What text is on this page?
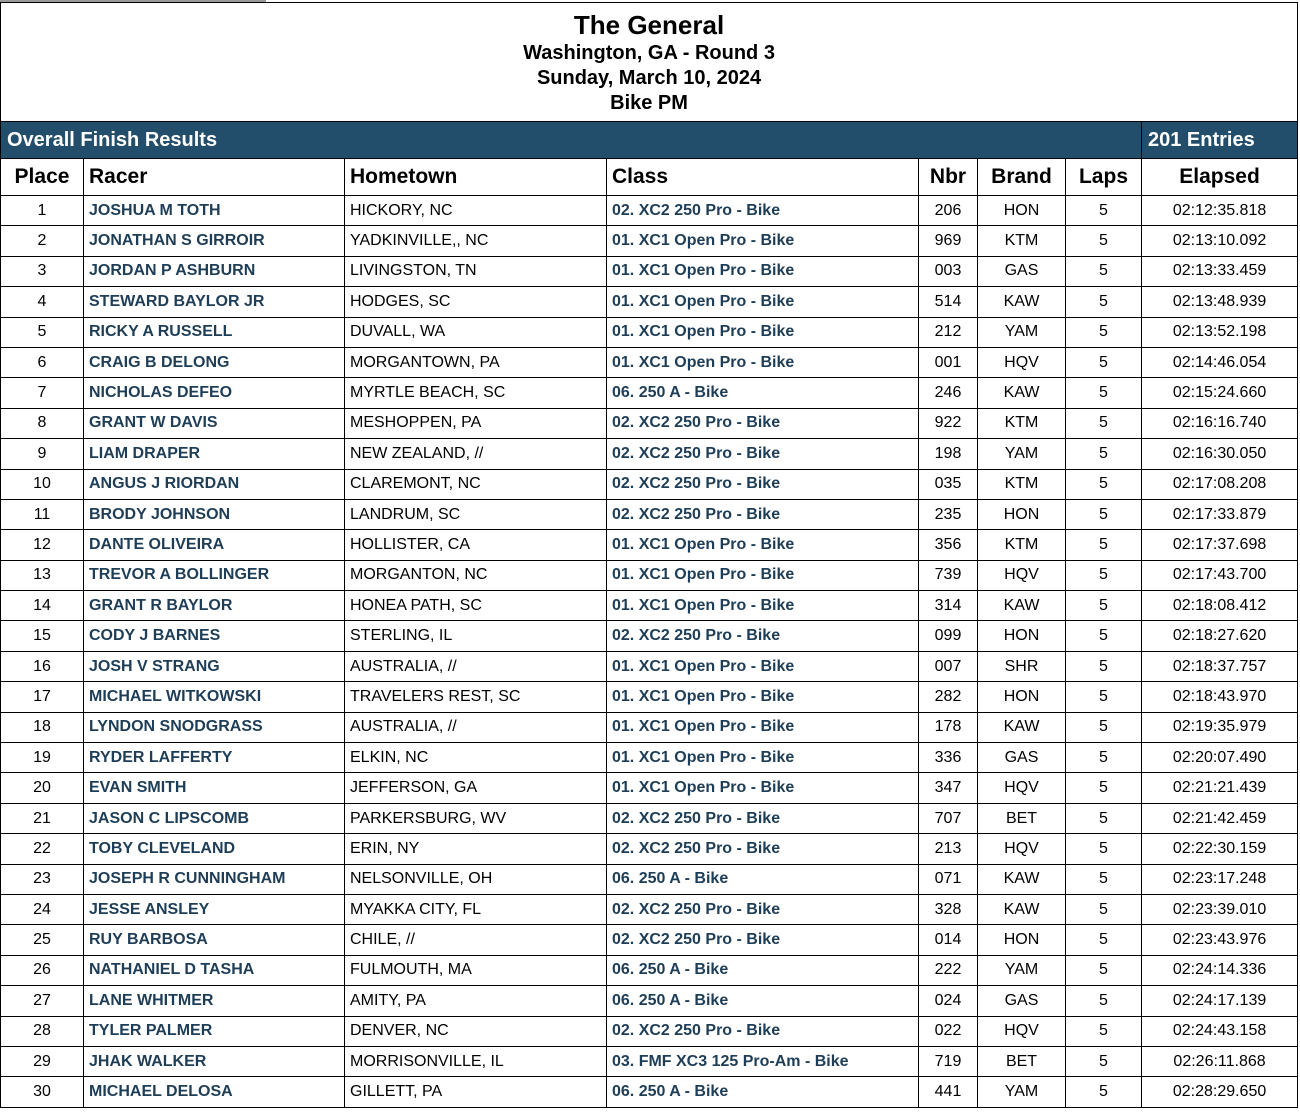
The General
Washington, GA - Round 3
Sunday, March 10, 2024
Bike PM							

Overall Finish Results							201 Entries
Place	Racer	Hometown	Class	Nbr	Brand	Laps	Elapsed
1	JOSHUA M TOTH	HICKORY, NC	02. XC2 250 Pro - Bike	206	HON	5	02:12:35.818
2	JONATHAN S GIRROIR	YADKINVILLE,, NC	01. XC1 Open Pro - Bike	969	KTM	5	02:13:10.092
3	JORDAN P ASHBURN	LIVINGSTON, TN	01. XC1 Open Pro - Bike	003	GAS	5	02:13:33.459
4	STEWARD BAYLOR JR	HODGES, SC	01. XC1 Open Pro - Bike	514	KAW	5	02:13:48.939
5	RICKY A RUSSELL	DUVALL, WA	01. XC1 Open Pro - Bike	212	YAM	5	02:13:52.198
6	CRAIG B DELONG	MORGANTOWN, PA	01. XC1 Open Pro - Bike	001	HQV	5	02:14:46.054
7	NICHOLAS DEFEO	MYRTLE BEACH, SC	06. 250 A - Bike	246	KAW	5	02:15:24.660
8	GRANT W DAVIS	MESHOPPEN, PA	02. XC2 250 Pro - Bike	922	KTM	5	02:16:16.740
9	LIAM DRAPER	NEW ZEALAND, //	02. XC2 250 Pro - Bike	198	YAM	5	02:16:30.050
10	ANGUS J RIORDAN	CLAREMONT, NC	02. XC2 250 Pro - Bike	035	KTM	5	02:17:08.208
11	BRODY JOHNSON	LANDRUM, SC	02. XC2 250 Pro - Bike	235	HON	5	02:17:33.879
12	DANTE OLIVEIRA	HOLLISTER, CA	01. XC1 Open Pro - Bike	356	KTM	5	02:17:37.698
13	TREVOR A BOLLINGER	MORGANTON, NC	01. XC1 Open Pro - Bike	739	HQV	5	02:17:43.700
14	GRANT R BAYLOR	HONEA PATH, SC	01. XC1 Open Pro - Bike	314	KAW	5	02:18:08.412
15	CODY J BARNES	STERLING, IL	02. XC2 250 Pro - Bike	099	HON	5	02:18:27.620
16	JOSH V STRANG	AUSTRALIA, //	01. XC1 Open Pro - Bike	007	SHR	5	02:18:37.757
17	MICHAEL WITKOWSKI	TRAVELERS REST, SC	01. XC1 Open Pro - Bike	282	HON	5	02:18:43.970
18	LYNDON SNODGRASS	AUSTRALIA, //	01. XC1 Open Pro - Bike	178	KAW	5	02:19:35.979
19	RYDER LAFFERTY	ELKIN, NC	01. XC1 Open Pro - Bike	336	GAS	5	02:20:07.490
20	EVAN SMITH	JEFFERSON, GA	01. XC1 Open Pro - Bike	347	HQV	5	02:21:21.439
21	JASON C LIPSCOMB	PARKERSBURG, WV	02. XC2 250 Pro - Bike	707	BET	5	02:21:42.459
22	TOBY CLEVELAND	ERIN, NY	02. XC2 250 Pro - Bike	213	HQV	5	02:22:30.159
23	JOSEPH R CUNNINGHAM	NELSONVILLE, OH	06. 250 A - Bike	071	KAW	5	02:23:17.248
24	JESSE ANSLEY	MYAKKA CITY, FL	02. XC2 250 Pro - Bike	328	KAW	5	02:23:39.010
25	RUY BARBOSA	CHILE, //	02. XC2 250 Pro - Bike	014	HON	5	02:23:43.976
26	NATHANIEL D TASHA	FULMOUTH, MA	06. 250 A - Bike	222	YAM	5	02:24:14.336
27	LANE WHITMER	AMITY, PA	06. 250 A - Bike	024	GAS	5	02:24:17.139
28	TYLER PALMER	DENVER, NC	02. XC2 250 Pro - Bike	022	HQV	5	02:24:43.158
29	JHAK WALKER	MORRISONVILLE, IL	03. FMF XC3 125 Pro-Am - Bike	719	BET	5	02:26:11.868
30	MICHAEL DELOSA	GILLETT, PA	06. 250 A - Bike	441	YAM	5	02:28:29.650
